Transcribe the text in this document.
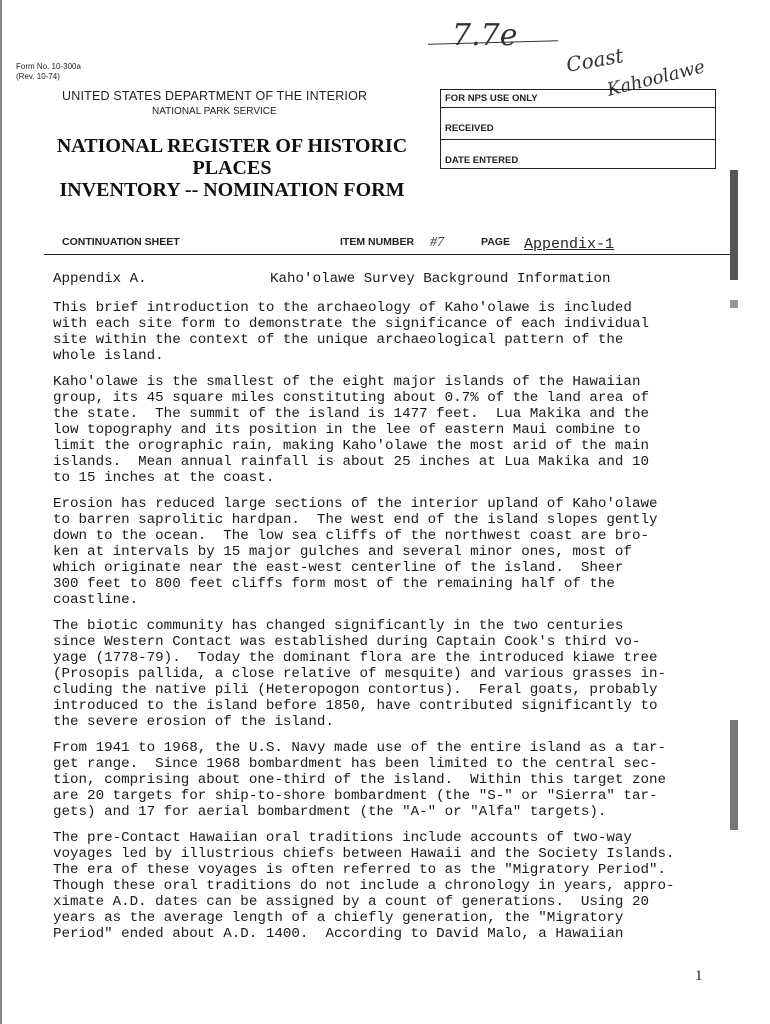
7.7e
Coast
Kahoolawe
Form No. 10-300a
(Rev. 10-74)
UNITED STATES DEPARTMENT OF THE INTERIOR
NATIONAL PARK SERVICE
NATIONAL REGISTER OF HISTORIC PLACES
INVENTORY -- NOMINATION FORM
FOR NPS USE ONLY
RECEIVED
DATE ENTERED
CONTINUATION SHEET	ITEM NUMBER #7	PAGE Appendix-1
Appendix A.	Kaho'olawe Survey Background Information

This brief introduction to the archaeology of Kaho'olawe is included
with each site form to demonstrate the significance of each individual
site within the context of the unique archaeological pattern of the
whole island.

Kaho'olawe is the smallest of the eight major islands of the Hawaiian
group, its 45 square miles constituting about 0.7% of the land area of
the state.  The summit of the island is 1477 feet.  Lua Makika and the
low topography and its position in the lee of eastern Maui combine to
limit the orographic rain, making Kaho'olawe the most arid of the main
islands.  Mean annual rainfall is about 25 inches at Lua Makika and 10
to 15 inches at the coast.

Erosion has reduced large sections of the interior upland of Kaho'olawe
to barren saprolitic hardpan.  The west end of the island slopes gently
down to the ocean.  The low sea cliffs of the northwest coast are bro-
ken at intervals by 15 major gulches and several minor ones, most of
which originate near the east-west centerline of the island.  Sheer
300 feet to 800 feet cliffs form most of the remaining half of the
coastline.

The biotic community has changed significantly in the two centuries
since Western Contact was established during Captain Cook's third vo-
yage (1778-79).  Today the dominant flora are the introduced kiawe tree
(Prosopis pallida, a close relative of mesquite) and various grasses in-
cluding the native pili (Heteropogon contortus).  Feral goats, probably
introduced to the island before 1850, have contributed significantly to
the severe erosion of the island.

From 1941 to 1968, the U.S. Navy made use of the entire island as a tar-
get range.  Since 1968 bombardment has been limited to the central sec-
tion, comprising about one-third of the island.  Within this target zone
are 20 targets for ship-to-shore bombardment (the "S-" or "Sierra" tar-
gets) and 17 for aerial bombardment (the "A-" or "Alfa" targets).

The pre-Contact Hawaiian oral traditions include accounts of two-way
voyages led by illustrious chiefs between Hawaii and the Society Islands.
The era of these voyages is often referred to as the "Migratory Period".
Though these oral traditions do not include a chronology in years, appro-
ximate A.D. dates can be assigned by a count of generations.  Using 20
years as the average length of a chiefly generation, the "Migratory
Period" ended about A.D. 1400.  According to David Malo, a Hawaiian

1
